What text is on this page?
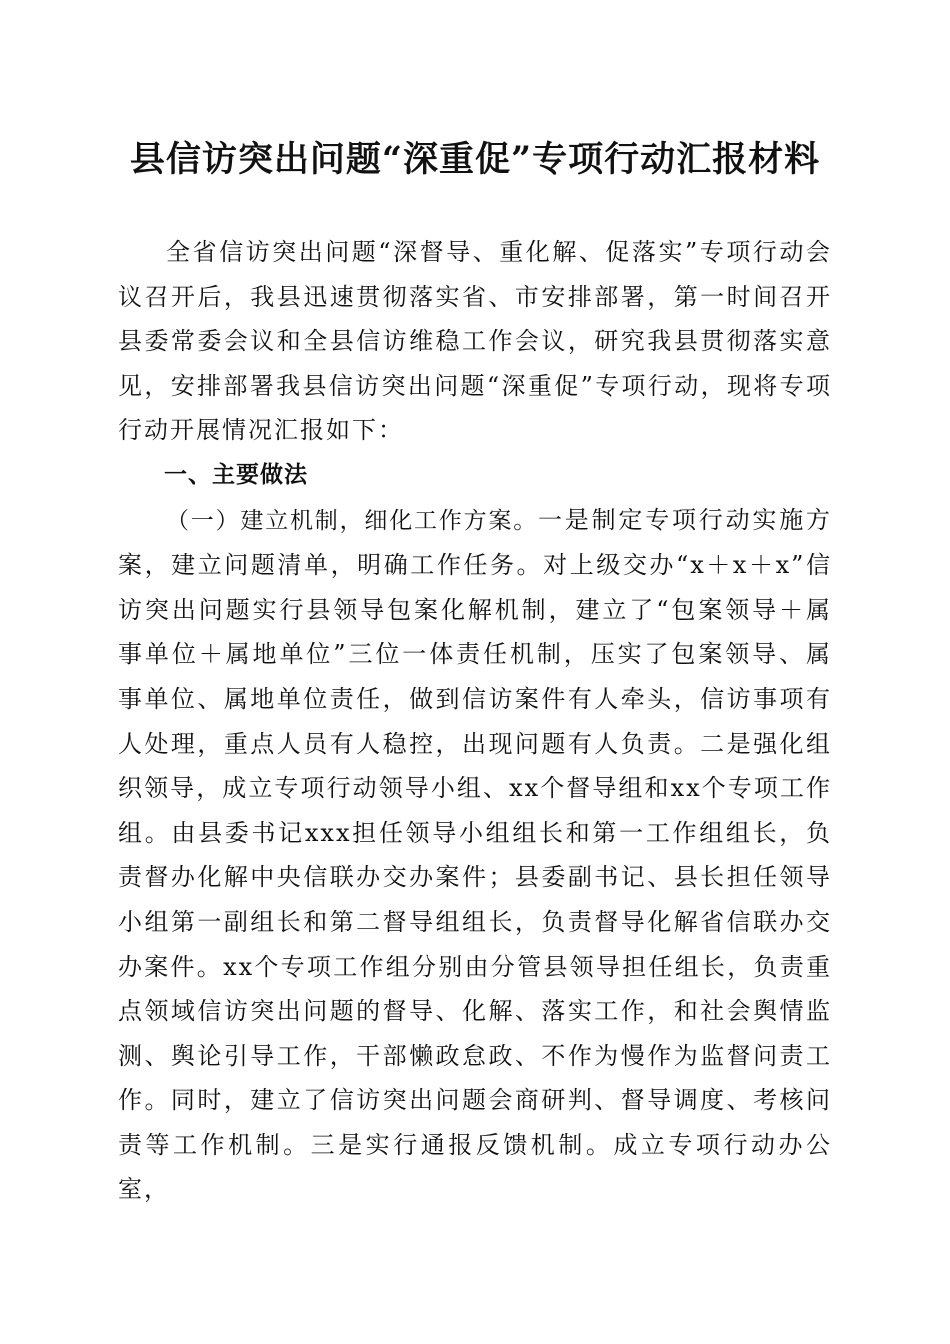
县信访突出问题“深重促”专项行动汇报材料

全省信访突出问题“深督导、重化解、促落实”专项行动会议召开后，我县迅速贯彻落实省、市安排部署，第一时间召开县委常委会议和全县信访维稳工作会议，研究我县贯彻落实意见，安排部署我县信访突出问题“深重促”专项行动，现将专项行动开展情况汇报如下：

一、主要做法

（一）建立机制，细化工作方案。一是制定专项行动实施方案，建立问题清单，明确工作任务。对上级交办“x＋x＋x”信访突出问题实行县领导包案化解机制，建立了“包案领导＋属事单位＋属地单位”三位一体责任机制，压实了包案领导、属事单位、属地单位责任，做到信访案件有人牵头，信访事项有人处理，重点人员有人稳控，出现问题有人负责。二是强化组织领导，成立专项行动领导小组、xx个督导组和xx个专项工作组。由县委书记xxx担任领导小组组长和第一工作组组长，负责督办化解中央信联办交办案件；县委副书记、县长担任领导小组第一副组长和第二督导组组长，负责督导化解省信联办交办案件。xx个专项工作组分别由分管县领导担任组长，负责重点领域信访突出问题的督导、化解、落实工作，和社会舆情监测、舆论引导工作，干部懒政怠政、不作为慢作为监督问责工作。同时，建立了信访突出问题会商研判、督导调度、考核问责等工作机制。三是实行通报反馈机制。成立专项行动办公室，
